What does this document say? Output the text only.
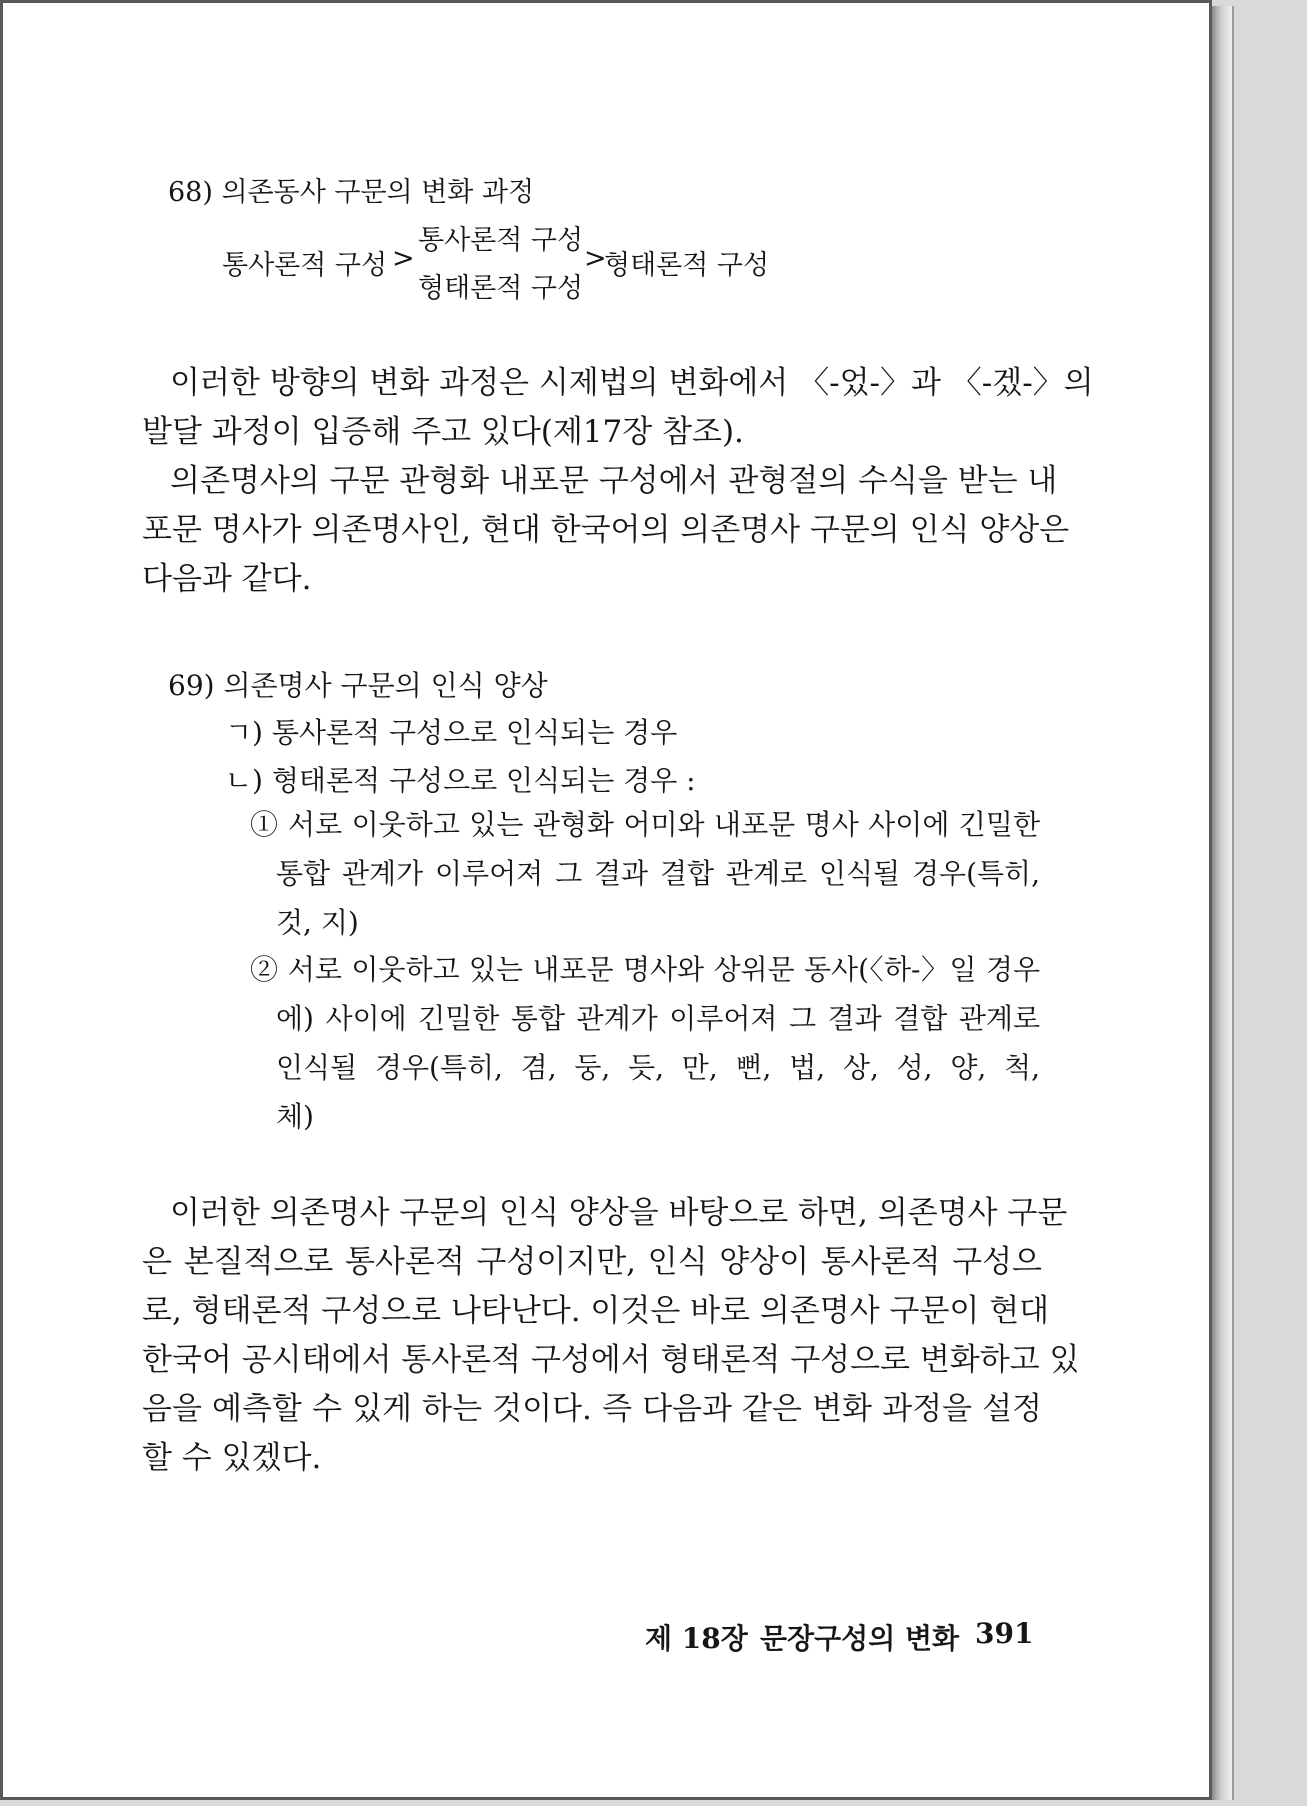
68) 의존동사 구문의 변화 과정
통사론적 구성 >
통사론적 구성
형태론적 구성
>
형태론적 구성
이러한 방향의 변화 과정은 시제법의 변화에서 〈-었-〉과 〈-겠-〉의
발달 과정이 입증해 주고 있다(제17장 참조).
의존명사의 구문 관형화 내포문 구성에서 관형절의 수식을 받는 내
포문 명사가 의존명사인, 현대 한국어의 의존명사 구문의 인식 양상은
다음과 같다.
69) 의존명사 구문의 인식 양상
ㄱ) 통사론적 구성으로 인식되는 경우
ㄴ) 형태론적 구성으로 인식되는 경우 :
① 서로 이웃하고 있는 관형화 어미와 내포문 명사 사이에 긴밀한
통합 관계가 이루어져 그 결과 결합 관계로 인식될 경우(특히,
것, 지)
② 서로 이웃하고 있는 내포문 명사와 상위문 동사(〈하-〉일 경우
에) 사이에 긴밀한 통합 관계가 이루어져 그 결과 결합 관계로
인식될 경우(특히, 겸, 둥, 듯, 만, 뻔, 법, 상, 성, 양, 척,
체)
이러한 의존명사 구문의 인식 양상을 바탕으로 하면, 의존명사 구문
은 본질적으로 통사론적 구성이지만, 인식 양상이 통사론적 구성으
로, 형태론적 구성으로 나타난다. 이것은 바로 의존명사 구문이 현대
한국어 공시태에서 통사론적 구성에서 형태론적 구성으로 변화하고 있
음을 예측할 수 있게 하는 것이다. 즉 다음과 같은 변화 과정을 설정
할 수 있겠다.
제 18장 문장구성의 변화 391
